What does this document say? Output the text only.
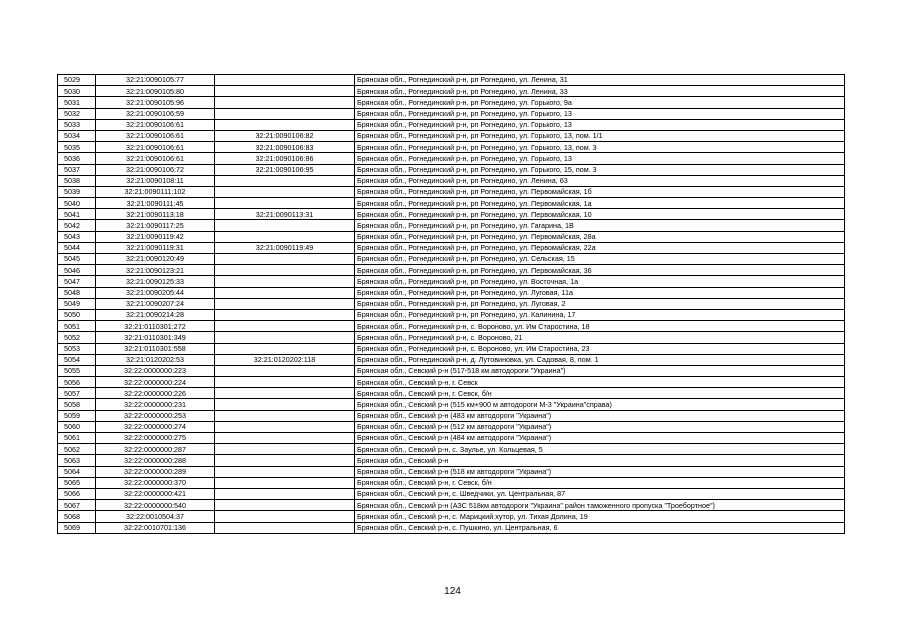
5029	32:21:0090105:77		Брянская обл., Рогнединский р-н, рп Рогнедино, ул. Ленина, 31
5030	32:21:0090105:80		Брянская обл., Рогнединский р-н, рп Рогнедино, ул. Ленина, 33
5031	32:21:0090105:96		Брянская обл., Рогнединский р-н, рп Рогнедино, ул. Горького, 9а
5032	32:21:0090106:59		Брянская обл., Рогнединский р-н, рп Рогнедино, ул. Горького, 13
5033	32:21:0090106:61		Брянская обл., Рогнединский р-н, рп Рогнедино, ул. Горького, 13
5034	32:21:0090106:61	32:21:0090106:82	Брянская обл., Рогнединский р-н, рп Рогнедино, ул. Горького, 13, пом. 1/1
5035	32:21:0090106:61	32:21:0090106:83	Брянская обл., Рогнединский р-н, рп Рогнедино, ул. Горького, 13, пом. 3
5036	32:21:0090106:61	32:21:0090106:86	Брянская обл., Рогнединский р-н, рп Рогнедино, ул. Горького, 13
5037	32:21:0090106:72	32:21:0090106:95	Брянская обл., Рогнединский р-н, рп Рогнедино, ул. Горького, 15, пом. 3
5038	32:21:0090108:11		Брянская обл., Рогнединский р-н, рп Рогнедино, ул. Ленина, 63
5039	32:21:0090111:102		Брянская обл., Рогнединский р-н, рп Рогнедино, ул. Первомайская, 1б
5040	32:21:0090111:45		Брянская обл., Рогнединский р-н, рп Рогнедино, ул. Первомайская, 1а
5041	32:21:0090113:18	32:21:0090113:31	Брянская обл., Рогнединский р-н, рп Рогнедино, ул. Первомайская, 10
5042	32:21:0090117:25		Брянская обл., Рогнединский р-н, рп Рогнедино, ул. Гагарина, 1В
5043	32:21:0090119:42		Брянская обл., Рогнединский р-н, рп Рогнедино, ул. Первомайская, 28а
5044	32:21:0090119:31	32:21:0090119:49	Брянская обл., Рогнединский р-н, рп Рогнедино, ул. Первомайская, 22а
5045	32:21:0090120:49		Брянская обл., Рогнединский р-н, рп Рогнедино, ул. Сельская, 15
5046	32:21:0090123:21		Брянская обл., Рогнединский р-н, рп Рогнедино, ул. Первомайская, 36
5047	32:21:0090125:33		Брянская обл., Рогнединский р-н, рп Рогнедино, ул. Восточная, 1а
5048	32:21:0090205:44		Брянская обл., Рогнединский р-н, рп Рогнедино, ул. Луговая, 11а
5049	32:21:0090207:24		Брянская обл., Рогнединский р-н, рп Рогнедино, ул. Луговая, 2
5050	32:21:0090214:28		Брянская обл., Рогнединский р-н, рп Рогнедино, ул. Калинина, 17
5051	32:21:0110301:272		Брянская обл., Рогнединский р-н, с. Вороново, ул. Им Старостина, 18
5052	32:21:0110301:349		Брянская обл., Рогнединский р-н, с. Вороново, 21
5053	32:21:0110301:558		Брянская обл., Рогнединский р-н, с. Вороново, ул. Им Старостина, 23
5054	32:21:0120202:53	32:21:0120202:118	Брянская обл., Рогнединский р-н, д. Лутовиновка, ул. Садовая, 8, пом. 1
5055	32:22:0000000:223		Брянская обл., Севский р-н (517-518 км автодороги "Украина")
5056	32:22:0000000:224		Брянская обл., Севский р-н, г. Севск
5057	32:22:0000000:226		Брянская обл., Севский р-н, г. Севск, б/н
5058	32:22:0000000:231		Брянская обл., Севский р-н (515 км+900 м автодороги М-3 "Украина"справа)
5059	32:22:0000000:253		Брянская обл., Севский р-н (483 км автодороги "Украина")
5060	32:22:0000000:274		Брянская обл., Севский р-н (512 км автодороги "Украина")
5061	32:22:0000000:275		Брянская обл., Севский р-н (484 км автодороги "Украина")
5062	32:22:0000000:287		Брянская обл., Севский р-н, с. Заулье, ул. Кольцевая, 5
5063	32:22:0000000:288		Брянская обл., Севский р-н
5064	32:22:0000000:289		Брянская обл., Севский р-н (518 км автодороги "Украина")
5065	32:22:0000000:370		Брянская обл., Севский р-н, г. Севск, б/н
5066	32:22:0000000:421		Брянская обл., Севский р-н, с. Шведчики, ул. Центральная, 87
5067	32:22:0000000:540		Брянская обл., Севский р-н (АЗС 518км автодороги "Украина" район таможенного пропуска "Троебортное")
5068	32:22:0010504:37		Брянская обл., Севский р-н, с. Марицкий хутор, ул. Тихая Долина, 19
5069	32:22:0010701:136		Брянская обл., Севский р-н, с. Пушкино, ул. Центральная, 6
124
